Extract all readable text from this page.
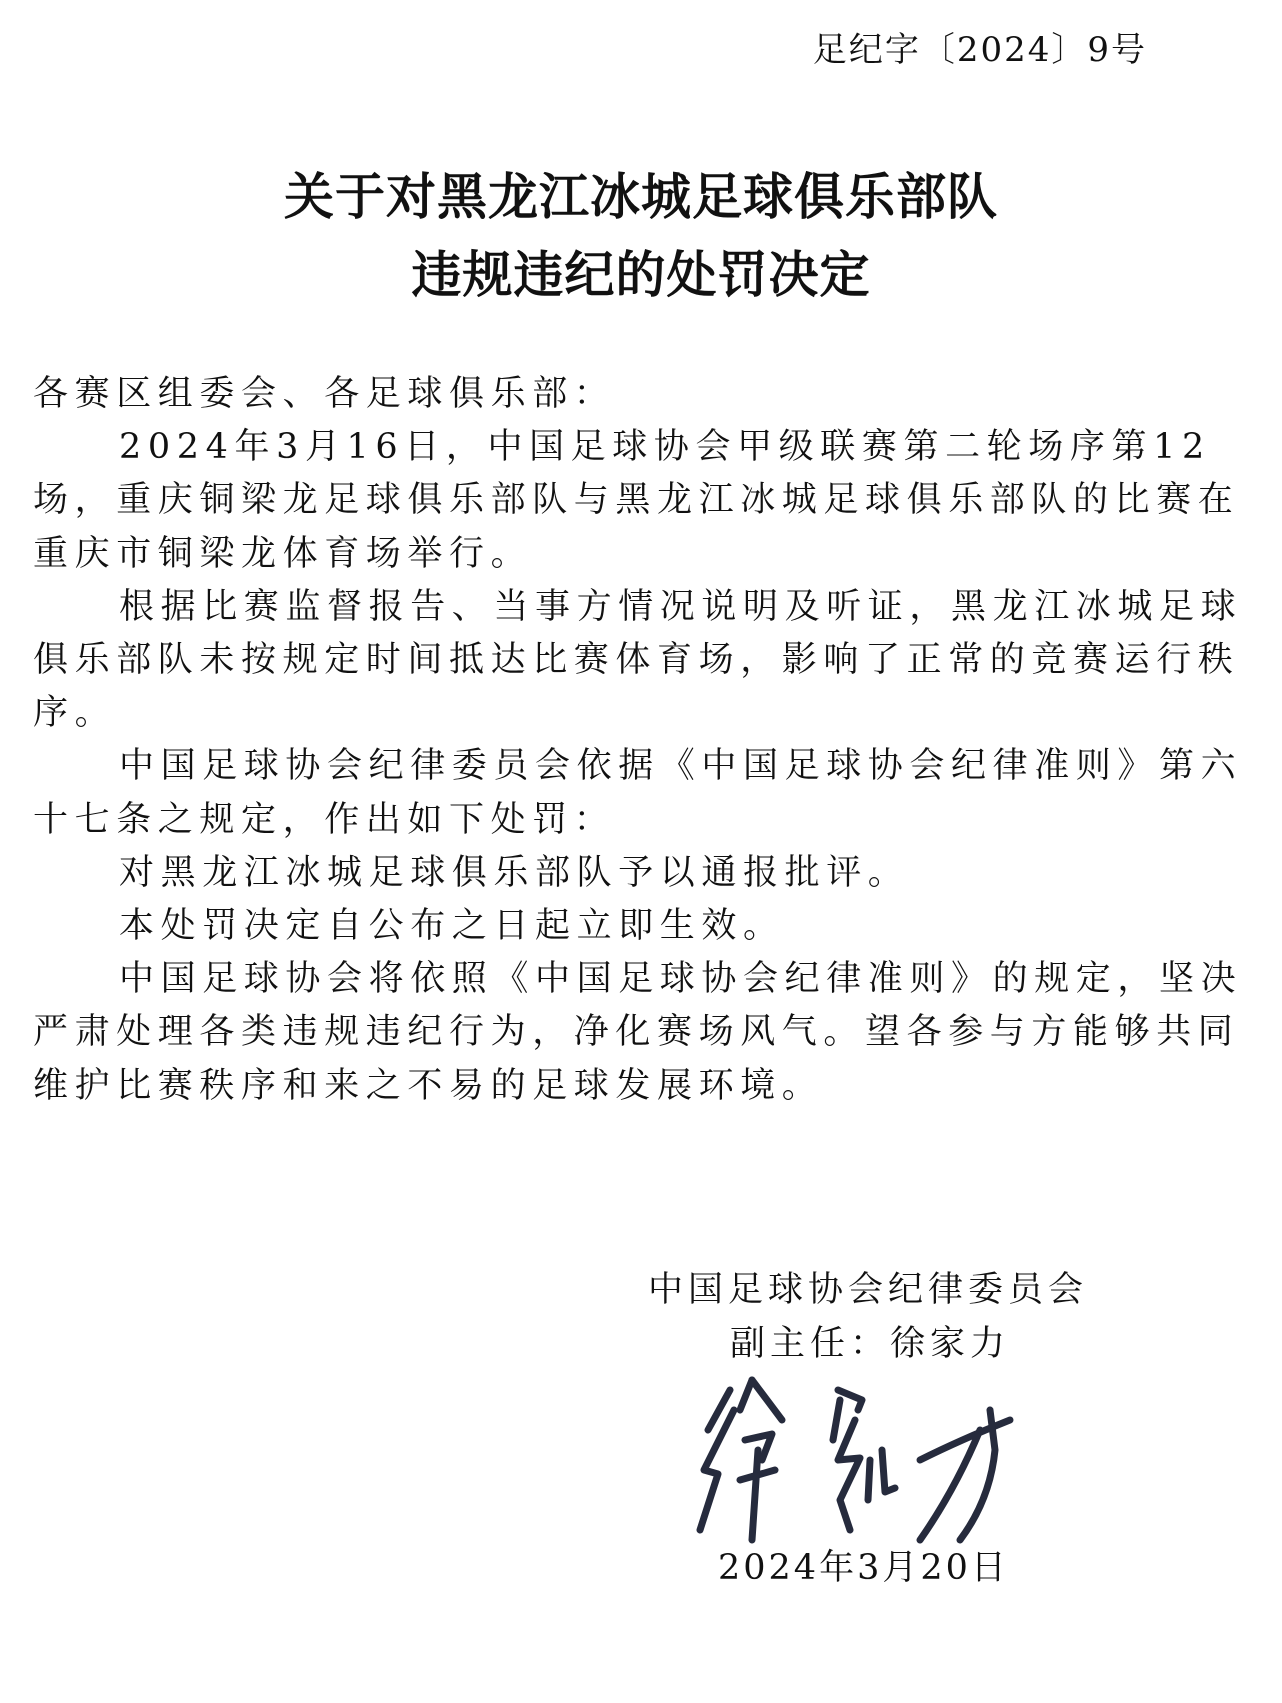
足纪字〔2024〕9号
关于对黑龙江冰城足球俱乐部队
违规违纪的处罚决定

各赛区组委会、各足球俱乐部：

2024年3月16日，中国足球协会甲级联赛第二轮场序第12场，重庆铜梁龙足球俱乐部队与黑龙江冰城足球俱乐部队的比赛在重庆市铜梁龙体育场举行。

根据比赛监督报告、当事方情况说明及听证，黑龙江冰城足球俱乐部队未按规定时间抵达比赛体育场，影响了正常的竞赛运行秩序。

中国足球协会纪律委员会依据《中国足球协会纪律准则》第六十七条之规定，作出如下处罚：

对黑龙江冰城足球俱乐部队予以通报批评。

本处罚决定自公布之日起立即生效。

中国足球协会将依照《中国足球协会纪律准则》的规定，坚决严肃处理各类违规违纪行为，净化赛场风气。望各参与方能够共同维护比赛秩序和来之不易的足球发展环境。

中国足球协会纪律委员会
副主任：徐家力
2024年3月20日
